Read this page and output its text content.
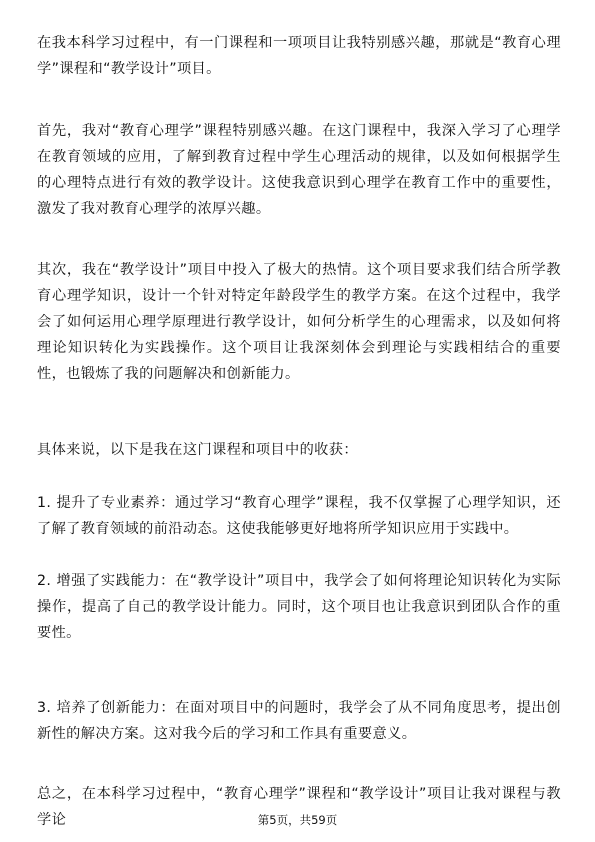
在我本科学习过程中，有一门课程和一项项目让我特别感兴趣，那就是“教育心理学”课程和“教学设计”项目。

首先，我对“教育心理学”课程特别感兴趣。在这门课程中，我深入学习了心理学在教育领域的应用，了解到教育过程中学生心理活动的规律，以及如何根据学生的心理特点进行有效的教学设计。这使我意识到心理学在教育工作中的重要性，激发了我对教育心理学的浓厚兴趣。

其次，我在“教学设计”项目中投入了极大的热情。这个项目要求我们结合所学教育心理学知识，设计一个针对特定年龄段学生的教学方案。在这个过程中，我学会了如何运用心理学原理进行教学设计，如何分析学生的心理需求，以及如何将理论知识转化为实践操作。这个项目让我深刻体会到理论与实践相结合的重要性，也锻炼了我的问题解决和创新能力。

具体来说，以下是我在这门课程和项目中的收获：

1. 提升了专业素养：通过学习“教育心理学”课程，我不仅掌握了心理学知识，还了解了教育领域的前沿动态。这使我能够更好地将所学知识应用于实践中。

2. 增强了实践能力：在“教学设计”项目中，我学会了如何将理论知识转化为实际操作，提高了自己的教学设计能力。同时，这个项目也让我意识到团队合作的重要性。

3. 培养了创新能力：在面对项目中的问题时，我学会了从不同角度思考，提出创新性的解决方案。这对我今后的学习和工作具有重要意义。

总之，在本科学习过程中，“教育心理学”课程和“教学设计”项目让我对课程与教学论	第5页，共59页
